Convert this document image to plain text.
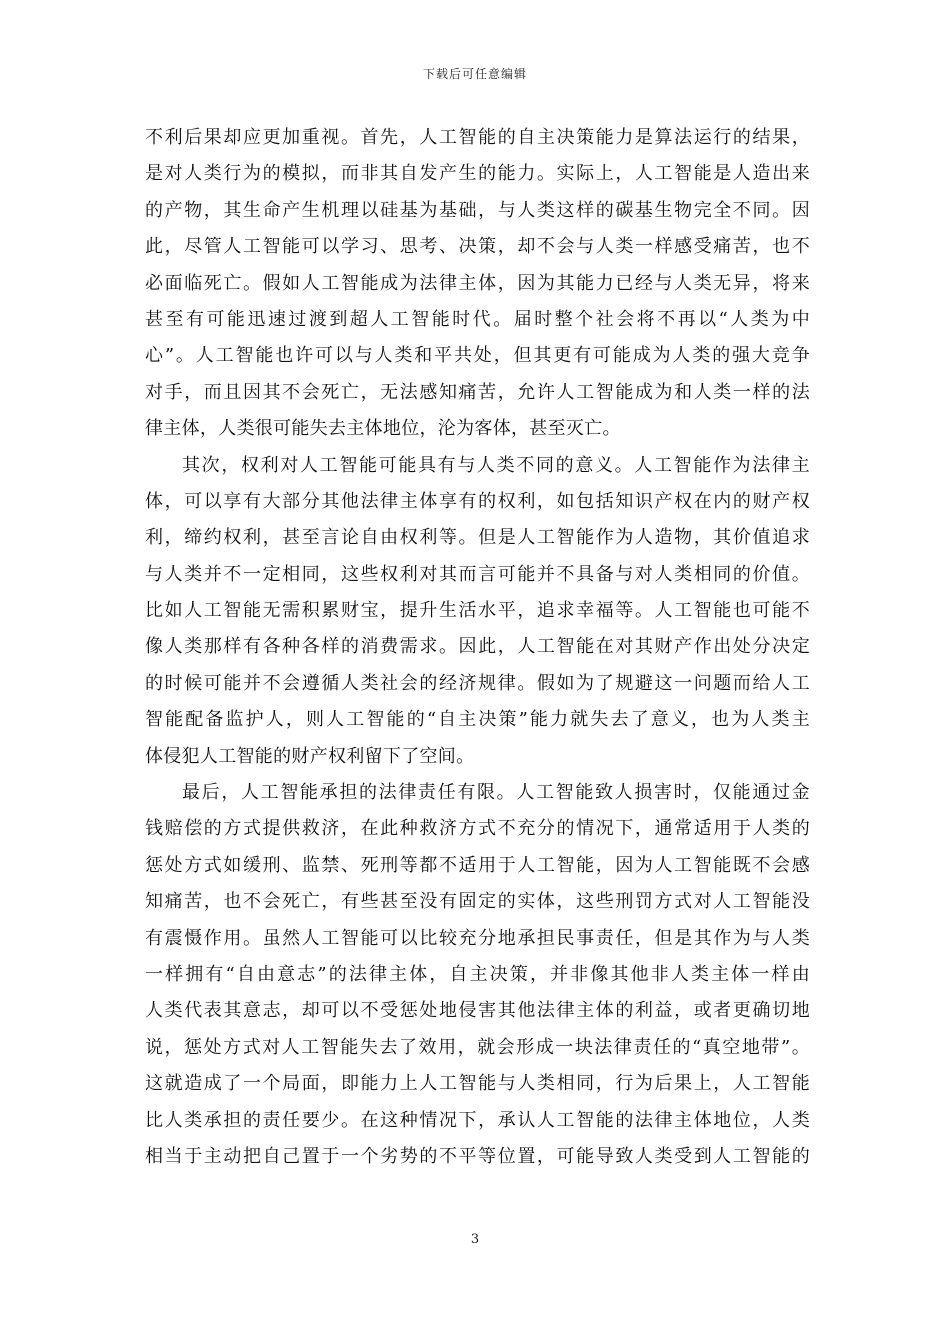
下载后可任意编辑
不利后果却应更加重视。首先，人工智能的自主决策能力是算法运行的结果，
是对人类行为的模拟，而非其自发产生的能力。实际上，人工智能是人造出来
的产物，其生命产生机理以硅基为基础，与人类这样的碳基生物完全不同。因
此，尽管人工智能可以学习、思考、决策，却不会与人类一样感受痛苦，也不
必面临死亡。假如人工智能成为法律主体，因为其能力已经与人类无异，将来
甚至有可能迅速过渡到超人工智能时代。届时整个社会将不再以“人类为中
心”。人工智能也许可以与人类和平共处，但其更有可能成为人类的强大竞争
对手，而且因其不会死亡，无法感知痛苦，允许人工智能成为和人类一样的法
律主体，人类很可能失去主体地位，沦为客体，甚至灭亡。
其次，权利对人工智能可能具有与人类不同的意义。人工智能作为法律主
体，可以享有大部分其他法律主体享有的权利，如包括知识产权在内的财产权
利，缔约权利，甚至言论自由权利等。但是人工智能作为人造物，其价值追求
与人类并不一定相同，这些权利对其而言可能并不具备与对人类相同的价值。
比如人工智能无需积累财宝，提升生活水平，追求幸福等。人工智能也可能不
像人类那样有各种各样的消费需求。因此，人工智能在对其财产作出处分决定
的时候可能并不会遵循人类社会的经济规律。假如为了规避这一问题而给人工
智能配备监护人，则人工智能的“自主决策”能力就失去了意义，也为人类主
体侵犯人工智能的财产权利留下了空间。
最后，人工智能承担的法律责任有限。人工智能致人损害时，仅能通过金
钱赔偿的方式提供救济，在此种救济方式不充分的情况下，通常适用于人类的
惩处方式如缓刑、监禁、死刑等都不适用于人工智能，因为人工智能既不会感
知痛苦，也不会死亡，有些甚至没有固定的实体，这些刑罚方式对人工智能没
有震慑作用。虽然人工智能可以比较充分地承担民事责任，但是其作为与人类
一样拥有“自由意志”的法律主体，自主决策，并非像其他非人类主体一样由
人类代表其意志，却可以不受惩处地侵害其他法律主体的利益，或者更确切地
说，惩处方式对人工智能失去了效用，就会形成一块法律责任的“真空地带”。
这就造成了一个局面，即能力上人工智能与人类相同，行为后果上，人工智能
比人类承担的责任要少。在这种情况下，承认人工智能的法律主体地位，人类
相当于主动把自己置于一个劣势的不平等位置，可能导致人类受到人工智能的
3
